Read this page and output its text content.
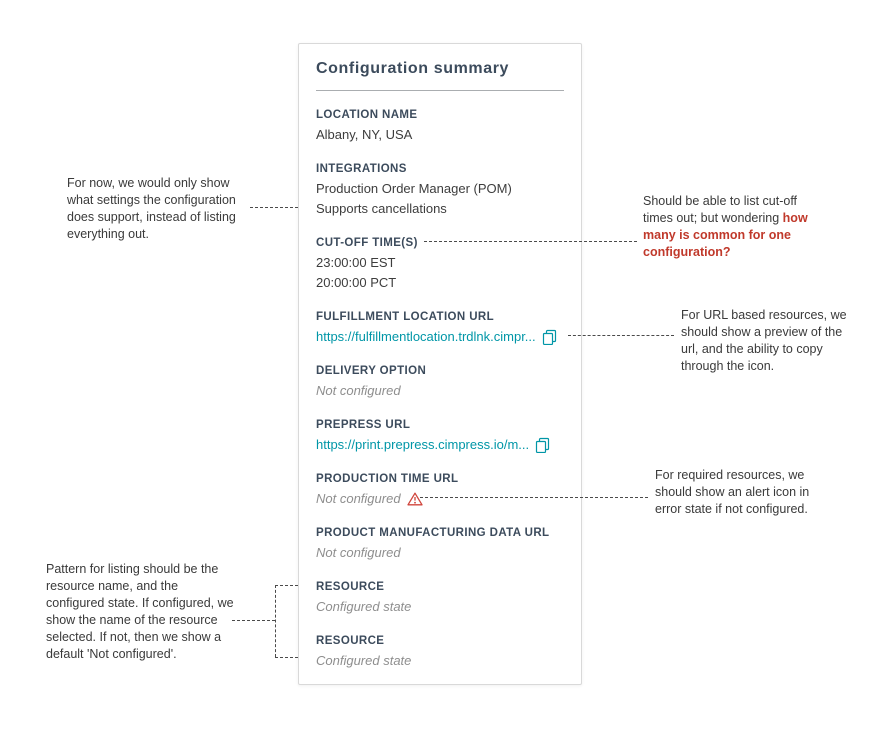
Configuration summary
LOCATION NAME
Albany, NY, USA
INTEGRATIONS
Production Order Manager (POM)
Supports cancellations
CUT-OFF TIME(S)
23:00:00 EST
20:00:00 PCT
FULFILLMENT LOCATION URL
https://fulfillmentlocation.trdlnk.cimpr...
DELIVERY OPTION
Not configured
PREPRESS URL
https://print.prepress.cimpress.io/m...
PRODUCTION TIME URL
Not configured
PRODUCT MANUFACTURING DATA URL
Not configured
RESOURCE
Configured state
RESOURCE
Configured state
For now, we would only show what settings the configuration does support, instead of listing everything out.
Pattern for listing should be the resource name, and the configured state. If configured, we show the name of the resource selected. If not, then we show a default 'Not configured'.
Should be able to list cut-off times out; but wondering how many is common for one configuration?
For URL based resources, we should show a preview of the url, and the ability to copy through the icon.
For required resources, we should show an alert icon in error state if not configured.
